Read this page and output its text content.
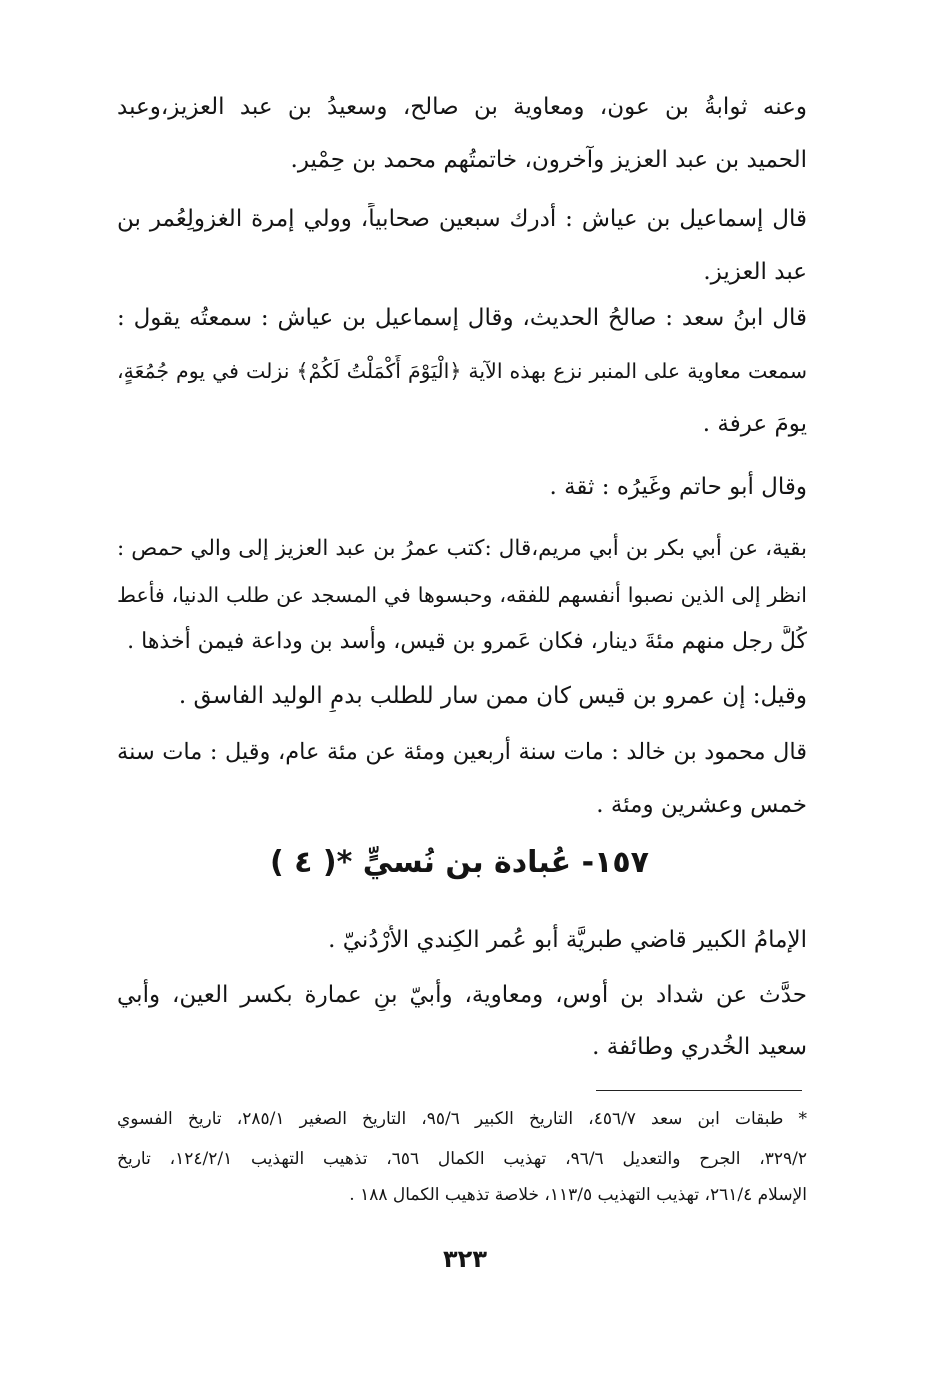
وعنه ثوابةُ بن عون، ومعاوية بن صالح، وسعيدُ بن عبد العزيز،وعبد
الحميد بن عبد العزيز وآخرون، خاتمتُهم محمد بن حِمْير.
قال إسماعيل بن عياش : أدرك سبعين صحابياً، وولي إمرة الغزولِعُمر بن
عبد العزيز.
قال ابنُ سعد : صالحُ الحديث، وقال إسماعيل بن عياش : سمعتُه يقول :
سمعت معاوية على المنبر نزع بهذه الآية ﴿الْيَوْمَ أَكْمَلْتُ لَكُمْ﴾ نزلت في يوم جُمُعَةٍ،
يومَ عرفة .
وقال أبو حاتم وغَيرُه : ثقة .
بقية، عن أبي بكر بن أبي مريم،قال :كتب عمرُ بن عبد العزيز إلى والي حمص :
انظر إلى الذين نصبوا أنفسهم للفقه، وحبسوها في المسجد عن طلب الدنيا، فأعط
كُلَّ رجل منهم مئةَ دينار، فكان عَمرو بن قيس، وأسد بن وداعة فيمن أخذها .
وقيل: إن عمرو بن قيس كان ممن سار للطلب بدمِ الوليد الفاسق .
قال محمود بن خالد : مات سنة أربعين ومئة عن مئة عام، وقيل : مات سنة
خمس وعشرين ومئة .
١٥٧- عُبادة بن نُسيٍّ *( ٤ )
الإمامُ الكبير قاضي طبريَّة أبو عُمر الكِندي الأُرْدُنيّ .
حدَّث عن شداد بن أوس، ومعاوية، وأُبيّ بنِ عمارة بكسر العين، وأبي
سعيد الخُدري وطائفة .
* طبقات ابن سعد ٤٥٦/٧، التاريخ الكبير ٩٥/٦، التاريخ الصغير ٢٨٥/١، تاريخ الفسوي
٣٢٩/٢، الجرح والتعديل ٩٦/٦، تهذيب الكمال ٦٥٦، تذهيب التهذيب ١٢٤/٢/١، تاريخ
الإسلام ٢٦١/٤، تهذيب التهذيب ١١٣/٥، خلاصة تذهيب الكمال ١٨٨ .
٣٢٣
